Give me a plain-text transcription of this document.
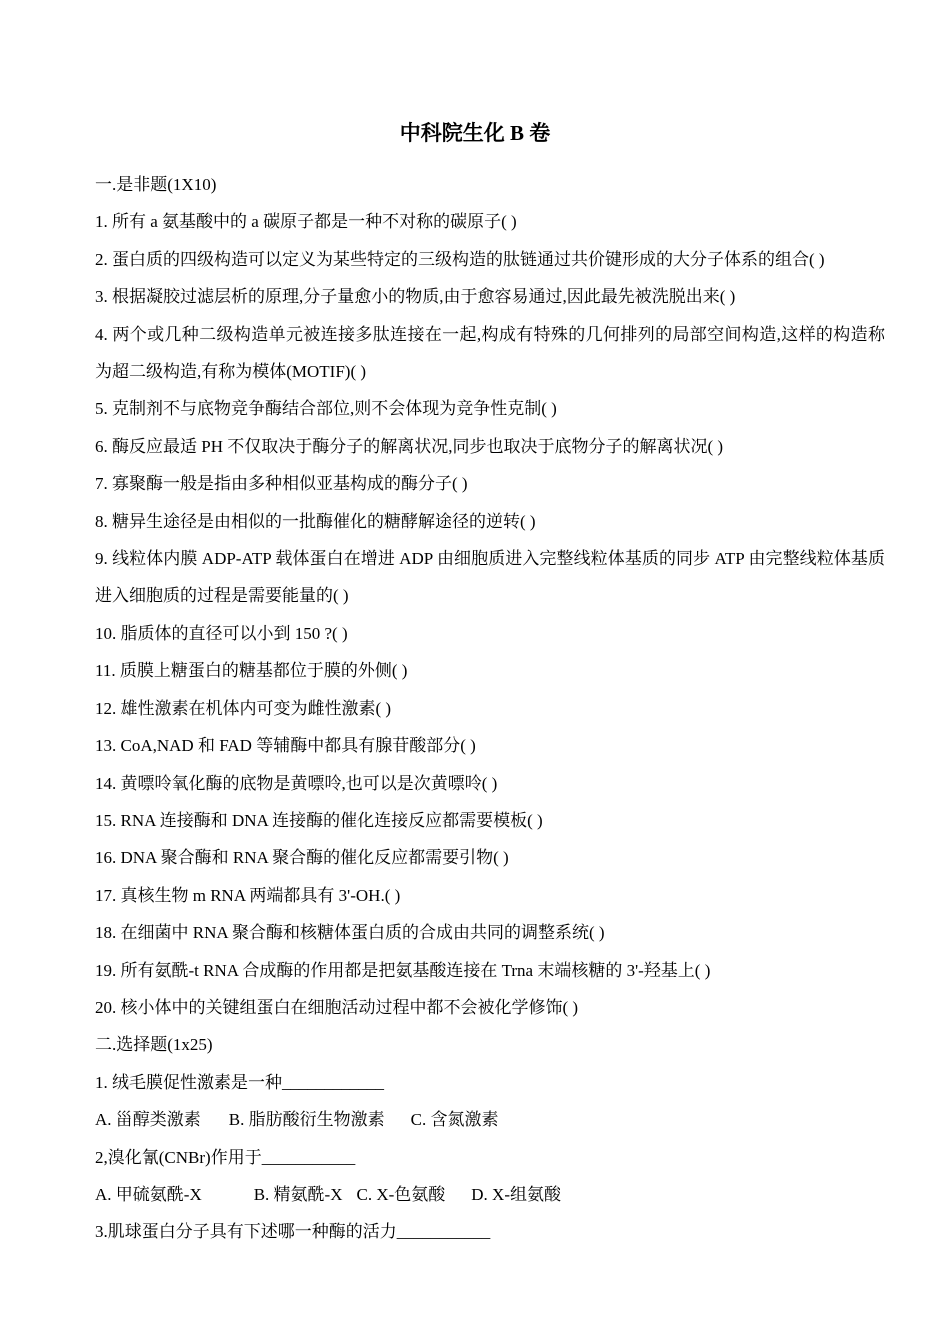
中科院生化 B 卷

一.是非题(1X10)

1. 所有 a 氨基酸中的 a 碳原子都是一种不对称的碳原子( )

2. 蛋白质的四级构造可以定义为某些特定的三级构造的肽链通过共价键形成的大分子体系的组合( )

3. 根据凝胶过滤层析的原理,分子量愈小的物质,由于愈容易通过,因此最先被洗脱出来( )

4. 两个或几种二级构造单元被连接多肽连接在一起,构成有特殊的几何排列的局部空间构造,这样的构造称为超二级构造,有称为模体(MOTIF)( )

5. 克制剂不与底物竞争酶结合部位,则不会体现为竞争性克制( )

6. 酶反应最适 PH 不仅取决于酶分子的解离状况,同步也取决于底物分子的解离状况( )

7. 寡聚酶一般是指由多种相似亚基构成的酶分子( )

8. 糖异生途径是由相似的一批酶催化的糖酵解途径的逆转( )

9. 线粒体内膜 ADP-ATP 载体蛋白在增进 ADP 由细胞质进入完整线粒体基质的同步 ATP 由完整线粒体基质进入细胞质的过程是需要能量的( )

10. 脂质体的直径可以小到 150 ?( )

11. 质膜上糖蛋白的糖基都位于膜的外侧( )

12. 雄性激素在机体内可变为雌性激素( )

13. CoA,NAD 和 FAD 等辅酶中都具有腺苷酸部分( )

14. 黄嘌呤氧化酶的底物是黄嘌呤,也可以是次黄嘌呤( )

15. RNA 连接酶和 DNA 连接酶的催化连接反应都需要模板( )

16. DNA 聚合酶和 RNA 聚合酶的催化反应都需要引物( )

17. 真核生物 m RNA 两端都具有 3'-OH.( )

18. 在细菌中 RNA 聚合酶和核糖体蛋白质的合成由共同的调整系统( )

19. 所有氨酰-t RNA 合成酶的作用都是把氨基酸连接在 Trna 末端核糖的 3'-羟基上( )

20. 核小体中的关键组蛋白在细胞活动过程中都不会被化学修饰( )

二.选择题(1x25)

1. 绒毛膜促性激素是一种____________

A. 甾醇类激素 B. 脂肪酸衍生物激素 C. 含氮激素

2,溴化氰(CNBr)作用于___________

A. 甲硫氨酰-X	B. 精氨酰-X C. X-色氨酸 D. X-组氨酸

3.肌球蛋白分子具有下述哪一种酶的活力___________
